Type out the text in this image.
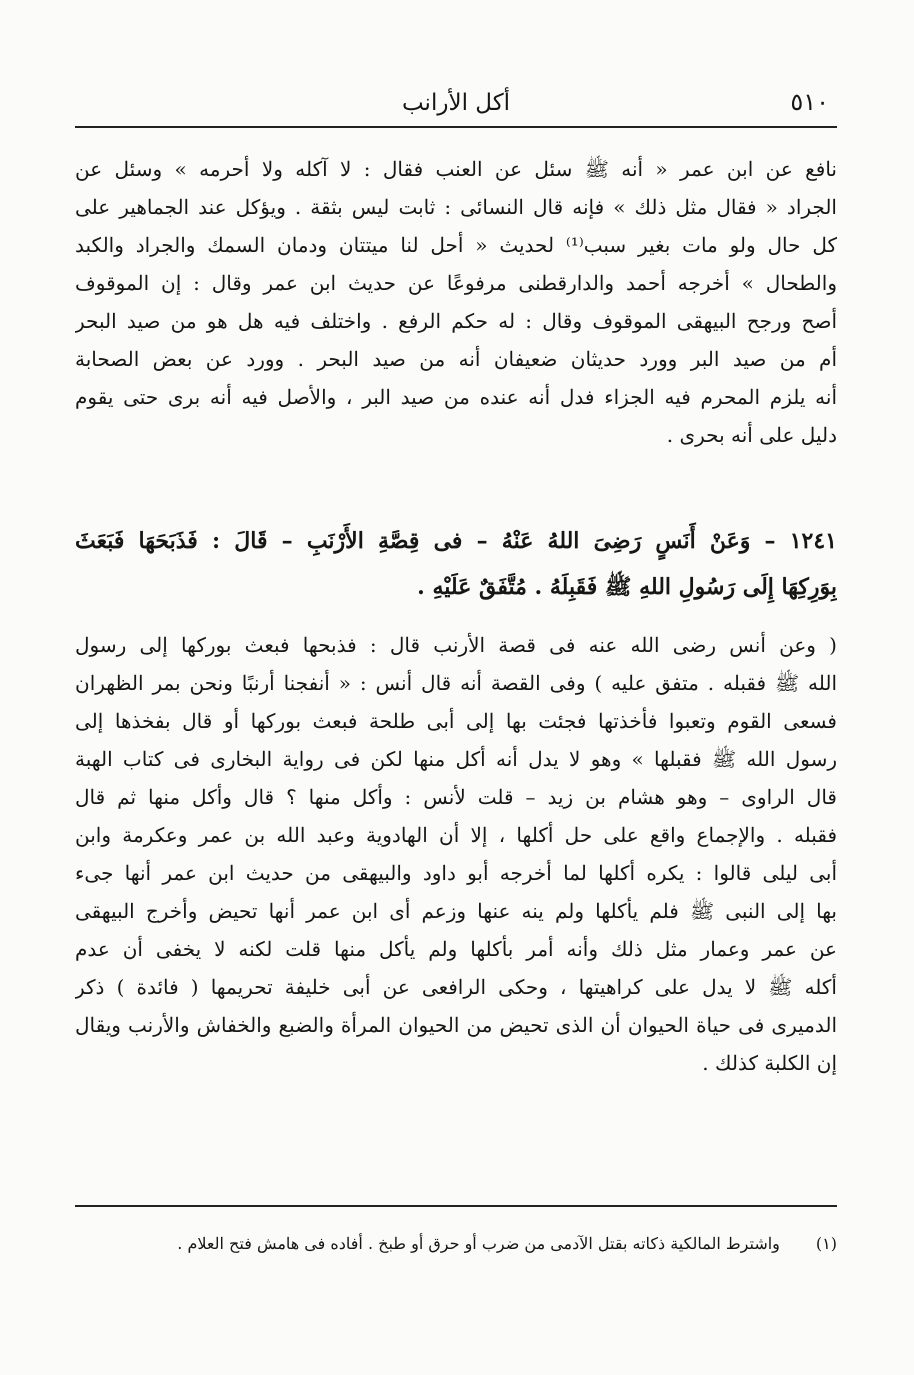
أكل الأرانب	٥١٠
نافع عن ابن عمر « أنه ﷺ سئل عن العنب فقال : لا آكله ولا أحرمه » وسئل عن
الجراد « فقال مثل ذلك » فإنه قال النسائى : ثابت ليس بثقة . ويؤكل عند الجماهير على
كل حال ولو مات بغير سبب⁽¹⁾ لحديث « أحل لنا ميتتان ودمان السمك والجراد والكبد
والطحال » أخرجه أحمد والدارقطنى مرفوعًا عن حديث ابن عمر وقال : إن الموقوف
أصح ورجح البيهقى الموقوف وقال : له حكم الرفع . واختلف فيه هل هو من صيد البحر
أم من صيد البر وورد حديثان ضعيفان أنه من صيد البحر . وورد عن بعض الصحابة
أنه يلزم المحرم فيه الجزاء فدل أنه عنده من صيد البر ، والأصل فيه أنه برى حتى يقوم
دليل على أنه بحرى .
١٢٤١ – وَعَنْ أَنَسٍ رَضِىَ اللهُ عَنْهُ – فى قِصَّةِ الأَرْنَبِ – قَالَ : فَذَبَحَهَا فَبَعَثَ
بِوَرِكِهَا إِلَى رَسُولِ اللهِ ﷺ فَقَبِلَهُ . مُتَّفَقٌ عَلَيْهِ .
( وعن أنس رضى الله عنه فى قصة الأرنب قال : فذبحها فبعث بوركها إلى رسول
الله ﷺ فقبله . متفق عليه ) وفى القصة أنه قال أنس : « أنفجنا أرنبًا ونحن بمر الظهران
فسعى القوم وتعبوا فأخذتها فجئت بها إلى أبى طلحة فبعث بوركها أو قال بفخذها إلى
رسول الله ﷺ فقبلها » وهو لا يدل أنه أكل منها لكن فى رواية البخارى فى كتاب الهبة
قال الراوى – وهو هشام بن زيد – قلت لأنس : وأكل منها ؟ قال وأكل منها ثم قال
فقبله . والإجماع واقع على حل أكلها ، إلا أن الهادوية وعبد الله بن عمر وعكرمة وابن
أبى ليلى قالوا : يكره أكلها لما أخرجه أبو داود والبيهقى من حديث ابن عمر أنها جىء
بها إلى النبى ﷺ فلم يأكلها ولم ينه عنها وزعم أى ابن عمر أنها تحيض وأخرج البيهقى
عن عمر وعمار مثل ذلك وأنه أمر بأكلها ولم يأكل منها قلت لكنه لا يخفى أن عدم
أكله ﷺ لا يدل على كراهيتها ، وحكى الرافعى عن أبى خليفة تحريمها ( فائدة ) ذكر
الدميرى فى حياة الحيوان أن الذى تحيض من الحيوان المرأة والضبع والخفاش والأرنب ويقال
إن الكلبة كذلك .
(١) واشترط المالكية ذكاته بقتل الآدمى من ضرب أو حرق أو طبخ . أفاده فى هامش فتح العلام .
